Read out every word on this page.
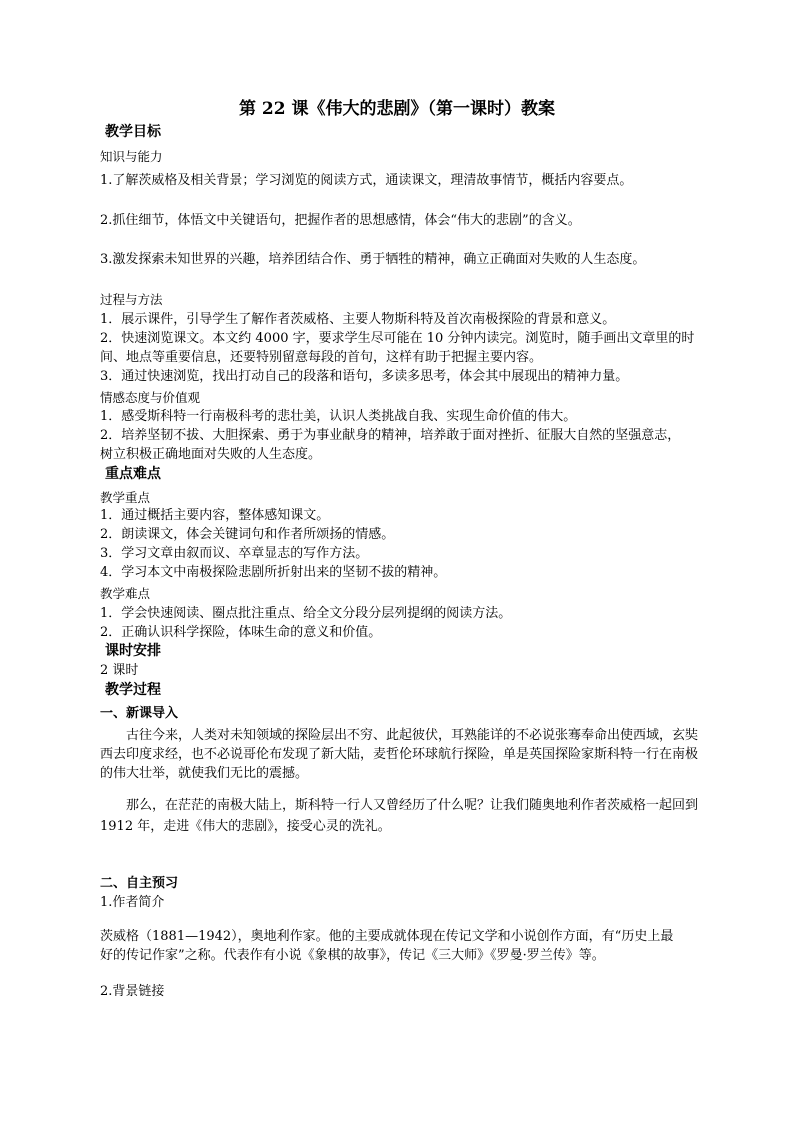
第 22 课《伟大的悲剧》（第一课时）教案
教学目标
知识与能力
1.了解茨威格及相关背景；学习浏览的阅读方式，通读课文，理清故事情节，概括内容要点。
2.抓住细节，体悟文中关键语句，把握作者的思想感情，体会“伟大的悲剧”的含义。
3.激发探索未知世界的兴趣，培养团结合作、勇于牺牲的精神，确立正确面对失败的人生态度。
过程与方法
1．展示课件，引导学生了解作者茨威格、主要人物斯科特及首次南极探险的背景和意义。
2．快速浏览课文。本文约 4000 字，要求学生尽可能在 10 分钟内读完。浏览时，随手画出文章里的时
间、地点等重要信息，还要特别留意每段的首句，这样有助于把握主要内容。
3．通过快速浏览，找出打动自己的段落和语句，多读多思考，体会其中展现出的精神力量。
情感态度与价值观
1．感受斯科特一行南极科考的悲壮美，认识人类挑战自我、实现生命价值的伟大。
2．培养坚韧不拔、大胆探索、勇于为事业献身的精神，培养敢于面对挫折、征服大自然的坚强意志，
树立积极正确地面对失败的人生态度。
重点难点
教学重点
1．通过概括主要内容，整体感知课文。
2．朗读课文，体会关键词句和作者所颂扬的情感。
3．学习文章由叙而议、卒章显志的写作方法。
4．学习本文中南极探险悲剧所折射出来的坚韧不拔的精神。
教学难点
1．学会快速阅读、圈点批注重点、给全文分段分层列提纲的阅读方法。
2．正确认识科学探险，体味生命的意义和价值。
课时安排
2 课时
教学过程
一、新课导入
古往今来，人类对未知领域的探险层出不穷、此起彼伏，耳熟能详的不必说张骞奉命出使西域，玄奘
西去印度求经，也不必说哥伦布发现了新大陆，麦哲伦环球航行探险，单是英国探险家斯科特一行在南极
的伟大壮举，就使我们无比的震撼。
那么，在茫茫的南极大陆上，斯科特一行人又曾经历了什么呢？让我们随奥地利作者茨威格一起回到
1912 年，走进《伟大的悲剧》，接受心灵的洗礼。
二、自主预习
1.作者简介
茨威格（1881—1942），奥地利作家。他的主要成就体现在传记文学和小说创作方面，有“历史上最
好的传记作家”之称。代表作有小说《象棋的故事》，传记《三大师》《罗曼·罗兰传》等。
2.背景链接
